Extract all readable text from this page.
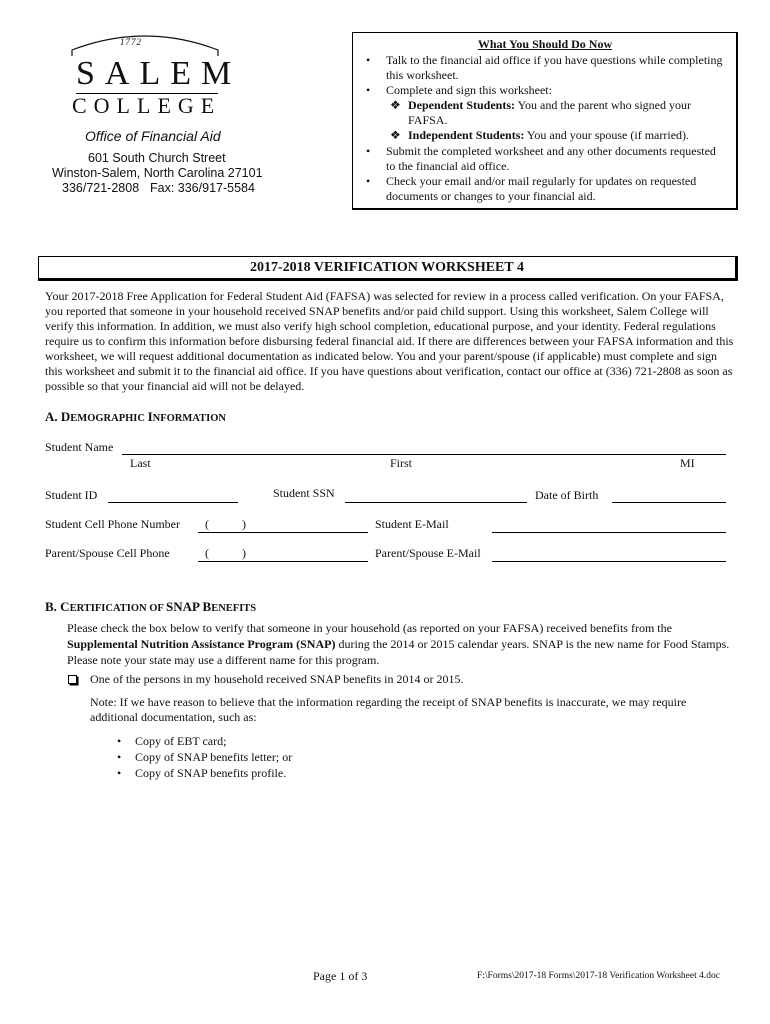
1772
SALEM
COLLEGE
Office of Financial Aid
601 South Church Street
Winston-Salem, North Carolina 27101
336/721-2808 Fax: 336/917-5584
What You Should Do Now
•	Talk to the financial aid office if you have questions while completing this worksheet.
•	Complete and sign this worksheet:
❖ Dependent Students: You and the parent who signed your FAFSA.
❖ Independent Students: You and your spouse (if married).
•	Submit the completed worksheet and any other documents requested to the financial aid office.
•	Check your email and/or mail regularly for updates on requested documents or changes to your financial aid.
2017-2018 VERIFICATION WORKSHEET 4
Your 2017-2018 Free Application for Federal Student Aid (FAFSA) was selected for review in a process called verification. On your FAFSA, you reported that someone in your household received SNAP benefits and/or paid child support. Using this worksheet, Salem College will verify this information. In addition, we must also verify high school completion, educational purpose, and your identity. Federal regulations require us to confirm this information before disbursing federal financial aid. If there are differences between your FAFSA information and this worksheet, we will request additional documentation as indicated below. You and your parent/spouse (if applicable) must complete and sign this worksheet and submit it to the financial aid office. If you have questions about verification, contact our office at (336) 721-2808 as soon as possible so that your financial aid will not be delayed.
A. DEMOGRAPHIC INFORMATION
Student Name
Last	First	MI
Student ID	Student SSN	Date of Birth
Student Cell Phone Number (	)	Student E-Mail
Parent/Spouse Cell Phone	(	)	Parent/Spouse E-Mail
B. CERTIFICATION OF SNAP BENEFITS
Please check the box below to verify that someone in your household (as reported on your FAFSA) received benefits from the Supplemental Nutrition Assistance Program (SNAP) during the 2014 or 2015 calendar years. SNAP is the new name for Food Stamps. Please note your state may use a different name for this program.
One of the persons in my household received SNAP benefits in 2014 or 2015.
Note: If we have reason to believe that the information regarding the receipt of SNAP benefits is inaccurate, we may require additional documentation, such as:
• Copy of EBT card;
• Copy of SNAP benefits letter; or
• Copy of SNAP benefits profile.
Page 1 of 3	F:\Forms\2017-18 Forms\2017-18 Verification Worksheet 4.doc
